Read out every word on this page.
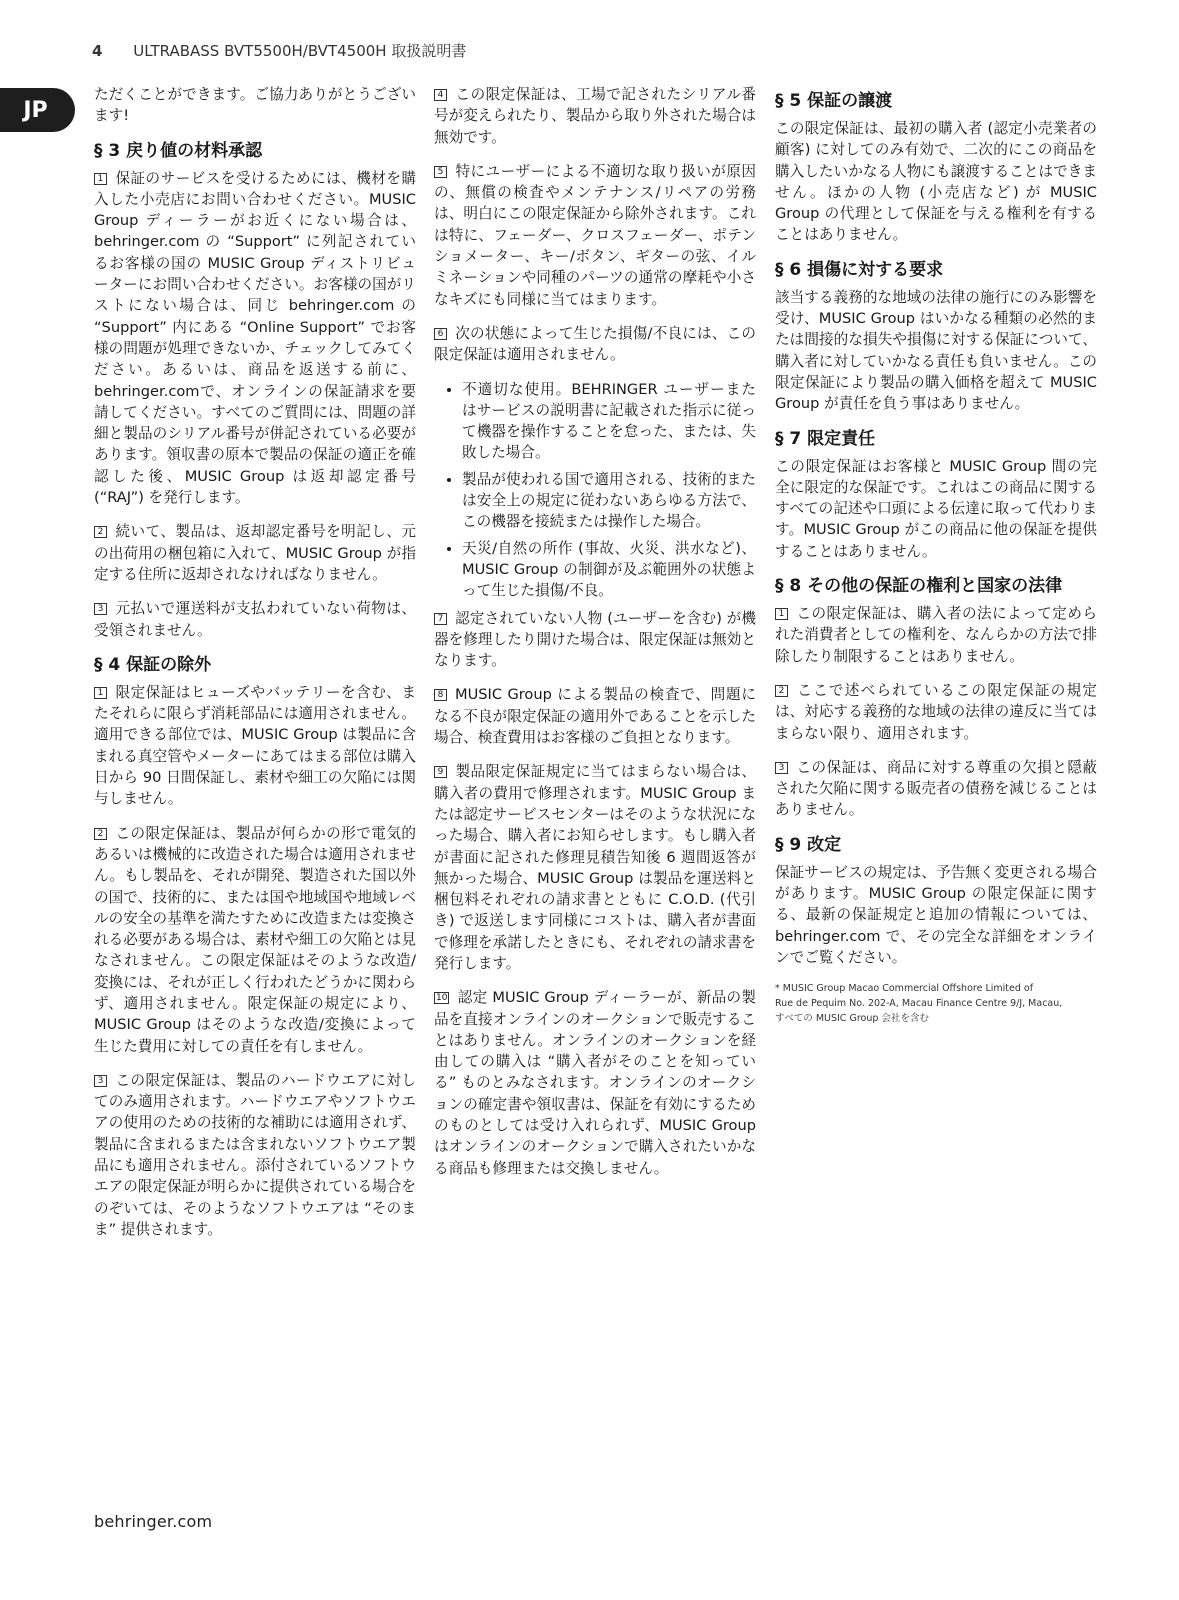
4 ULTRABASS BVT5500H/BVT4500H 取扱説明書
JP

ただくことができます。ご協力ありがとうございます!

§ 3 戻り値の材料承認

1 保証のサービスを受けるためには、機材を購入した小売店にお問い合わせください。MUSIC Group ディーラーがお近くにない場合は、behringer.com の “Support” に列記されているお客様の国の MUSIC Group ディストリビューターにお問い合わせください。お客様の国がリストにない場合は、同じ behringer.com の “Support” 内にある “Online Support” でお客様の問題が処理できないか、チェックしてみてください。あるいは、商品を返送する前に、behringer.comで、オンラインの保証請求を要請してください。すべてのご質問には、問題の詳細と製品のシリアル番号が併記されている必要があります。領収書の原本で製品の保証の適正を確認した後、MUSIC Group は返却認定番号 (“RAJ”) を発行します。

2 続いて、製品は、返却認定番号を明記し、元の出荷用の梱包箱に入れて、MUSIC Group が指定する住所に返却されなければなりません。

3 元払いで運送料が支払われていない荷物は、受領されません。

§ 4 保証の除外

1 限定保証はヒューズやバッテリーを含む、またそれらに限らず消耗部品には適用されません。適用できる部位では、MUSIC Group は製品に含まれる真空管やメーターにあてはまる部位は購入日から 90 日間保証し、素材や細工の欠陥には関与しません。

2 この限定保証は、製品が何らかの形で電気的あるいは機械的に改造された場合は適用されません。もし製品を、それが開発、製造された国以外の国で、技術的に、または国や地域国や地域レベルの安全の基準を満たすために改造または変換される必要がある場合は、素材や細工の欠陥とは見なされません。この限定保証はそのような改造/変換には、それが正しく行われたどうかに関わらず、適用されません。限定保証の規定により、MUSIC Group はそのような改造/変換によって生じた費用に対しての責任を有しません。

3 この限定保証は、製品のハードウエアに対してのみ適用されます。ハードウエアやソフトウエアの使用のための技術的な補助には適用されず、製品に含まれるまたは含まれないソフトウエア製品にも適用されません。添付されているソフトウエアの限定保証が明らかに提供されている場合をのぞいては、そのようなソフトウエアは “そのまま” 提供されます。

4 この限定保証は、工場で記されたシリアル番号が変えられたり、製品から取り外された場合は無効です。

5 特にユーザーによる不適切な取り扱いが原因の、無償の検査やメンテナンス/リペアの労務は、明白にこの限定保証から除外されます。これは特に、フェーダー、クロスフェーダー、ポテンショメーター、キー/ボタン、ギターの弦、イルミネーションや同種のパーツの通常の摩耗や小さなキズにも同様に当てはまります。

6 次の状態によって生じた損傷/不良には、この限定保証は適用されません。

• 不適切な使用。BEHRINGER ユーザーまたはサービスの説明書に記載された指示に従って機器を操作することを怠った、または、失敗した場合。
• 製品が使われる国で適用される、技術的または安全上の規定に従わないあらゆる方法で、この機器を接続または操作した場合。
• 天災/自然の所作 (事故、火災、洪水など)、MUSIC Group の制御が及ぶ範囲外の状態よって生じた損傷/不良。

7 認定されていない人物 (ユーザーを含む) が機器を修理したり開けた場合は、限定保証は無効となります。

8 MUSIC Group による製品の検査で、問題になる不良が限定保証の適用外であることを示した場合、検査費用はお客様のご負担となります。

9 製品限定保証規定に当てはまらない場合は、購入者の費用で修理されます。MUSIC Group または認定サービスセンターはそのような状況になった場合、購入者にお知らせします。もし購入者が書面に記された修理見積告知後 6 週間返答が無かった場合、MUSIC Group は製品を運送料と梱包料それぞれの請求書とともに C.O.D. (代引き) で返送します同様にコストは、購入者が書面で修理を承諾したときにも、それぞれの請求書を発行します。

10 認定 MUSIC Group ディーラーが、新品の製品を直接オンラインのオークションで販売することはありません。オンラインのオークションを経由しての購入は “購入者がそのことを知っている” ものとみなされます。オンラインのオークションの確定書や領収書は、保証を有効にするためのものとしては受け入れられず、MUSIC Group はオンラインのオークションで購入されたいかなる商品も修理または交換しません。

§ 5 保証の譲渡

この限定保証は、最初の購入者 (認定小売業者の顧客) に対してのみ有効で、二次的にこの商品を購入したいかなる人物にも譲渡することはできません。ほかの人物 (小売店など) が MUSIC Group の代理として保証を与える権利を有することはありません。

§ 6 損傷に対する要求

該当する義務的な地域の法律の施行にのみ影響を受け、MUSIC Group はいかなる種類の必然的または間接的な損失や損傷に対する保証について、購入者に対していかなる責任も負いません。この限定保証により製品の購入価格を超えて MUSIC Group が責任を負う事はありません。

§ 7 限定責任

この限定保証はお客様と MUSIC Group 間の完全に限定的な保証です。これはこの商品に関するすべての記述や口頭による伝達に取って代わります。MUSIC Group がこの商品に他の保証を提供することはありません。

§ 8 その他の保証の権利と国家の法律

1 この限定保証は、購入者の法によって定められた消費者としての権利を、なんらかの方法で排除したり制限することはありません。

2 ここで述べられているこの限定保証の規定は、対応する義務的な地域の法律の違反に当てはまらない限り、適用されます。

3 この保証は、商品に対する尊重の欠損と隠蔽された欠陥に関する販売者の債務を減じることはありません。

§ 9 改定

保証サービスの規定は、予告無く変更される場合があります。MUSIC Group の限定保証に関する、最新の保証規定と追加の情報については、behringer.com で、その完全な詳細をオンラインでご覧ください。

* MUSIC Group Macao Commercial Offshore Limited of
Rue de Pequim No. 202-A, Macau Finance Centre 9/J, Macau,
すべての MUSIC Group 会社を含む
behringer.com
